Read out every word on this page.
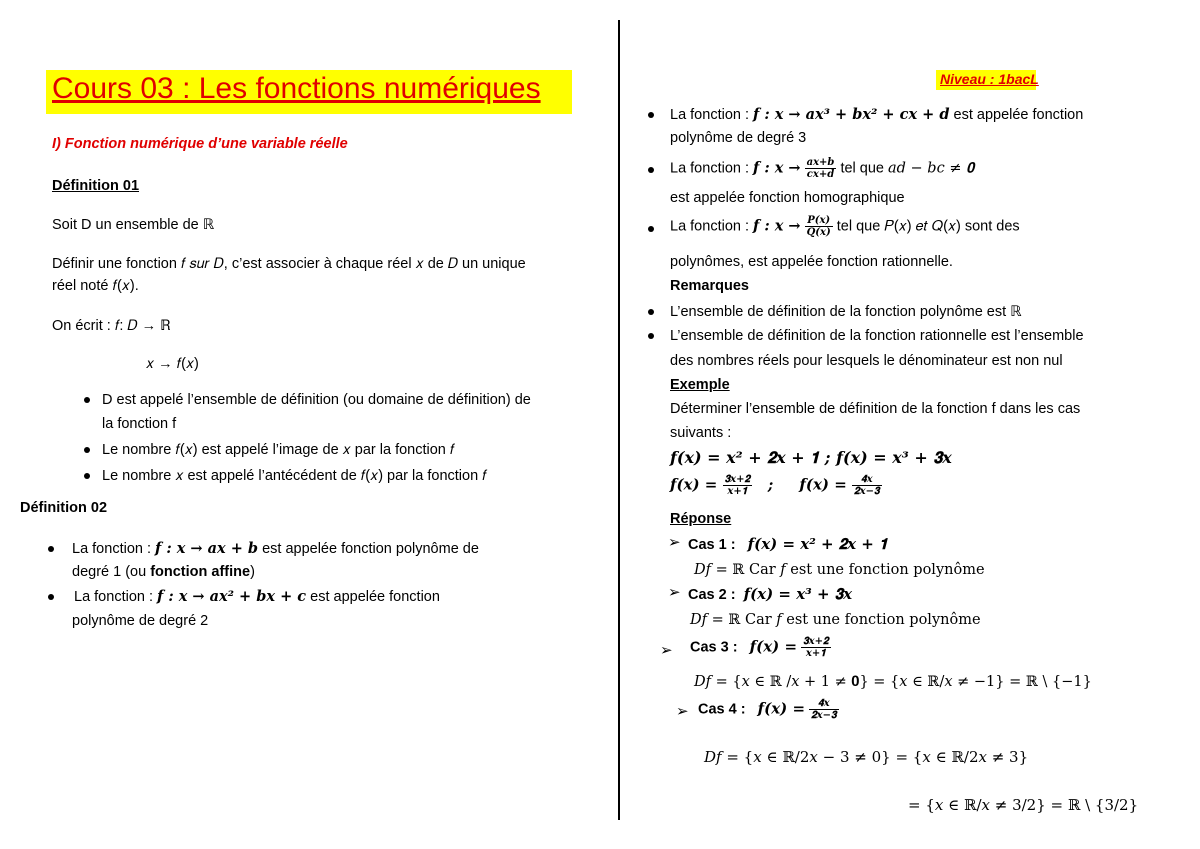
Cours 03 : Les fonctions numériques
I) Fonction numérique d’une variable réelle
Définition 01
Soit D un ensemble de ℝ
Définir une fonction 𝑓 𝑠𝑢𝑟 𝐷, c’est associer à chaque réel 𝑥 de 𝐷 un unique
réel noté 𝑓(𝑥).
On écrit : 𝑓: 𝐷 → ℝ
𝑥 → 𝑓(𝑥)
D est appelé l’ensemble de définition (ou domaine de définition) de
la fonction f
Le nombre 𝑓(𝑥) est appelé l’image de 𝑥 par la fonction 𝑓
Le nombre 𝑥 est appelé l’antécédent de 𝑓(𝑥) par la fonction 𝑓
Définition 02
La fonction : 𝒇 : 𝒙 → 𝒂𝒙 + 𝒃 est appelée fonction polynôme de
degré 1 (ou fonction affine)
La fonction : 𝒇 : 𝒙 → 𝒂𝒙² + 𝒃𝒙 + 𝒄 est appelée fonction
polynôme de degré 2
Niveau : 1bacL
La fonction : 𝒇 : 𝒙 → 𝒂𝒙³ + 𝒃𝒙² + 𝒄𝒙 + 𝒅 est appelée fonction
polynôme de degré 3
La fonction : 𝒇 : 𝒙 → $\frac{\text{𝒂𝒙+𝒃}}{\text{𝒄𝒙+𝒅}}$ tel que 𝑎𝑑 − 𝑏𝑐 ≠ 𝟎
est appelée fonction homographique
La fonction : 𝒇 : 𝒙 → $\frac{\text{𝑷(𝒙)}}{\text{𝑸(𝒙)}}$ tel que 𝑃(𝑥) 𝑒𝑡 𝑄(𝑥) sont des
polynômes, est appelée fonction rationnelle.
Remarques
L’ensemble de définition de la fonction polynôme est ℝ
L’ensemble de définition de la fonction rationnelle est l’ensemble
des nombres réels pour lesquels le dénominateur est non nul
Exemple
Déterminer l’ensemble de définition de la fonction f dans les cas
suivants :
𝒇(𝒙) = 𝒙² + 𝟐𝒙 + 𝟏 ; 𝒇(𝒙) = 𝒙³ + 𝟑𝒙
𝒇(𝒙) = $\frac{\text{𝟑𝒙+𝟐}}{\text{𝒙+𝟏}}$ ;     𝒇(𝒙) = $\frac{\text{𝟒𝒙}}{\text{𝟐𝒙−𝟑}}$
Réponse
➢ Cas 1 : 𝒇(𝒙) = 𝒙² + 𝟐𝒙 + 𝟏
𝐷𝑓 = ℝ Car 𝑓 est une fonction polynôme
➢ Cas 2 : 𝒇(𝒙) = 𝒙³ + 𝟑𝒙
𝐷𝑓 = ℝ Car 𝑓 est une fonction polynôme
➢ Cas 3 : 𝒇(𝒙) = $\frac{\text{𝟑𝒙+𝟐}}{\text{𝒙+𝟏}}$
𝐷𝑓 = {𝑥 ∈ ℝ /𝑥 + 1 ≠ 𝟎} = {𝑥 ∈ ℝ/𝑥 ≠ −1} = ℝ \ {−1}
➢ Cas 4 : 𝒇(𝒙) = $\frac{\text{𝟒𝒙}}{\text{𝟐𝒙−𝟑}}$
𝐷𝑓 = {𝑥 ∈ ℝ/2𝑥 − 3 ≠ 0} = {𝑥 ∈ ℝ/2𝑥 ≠ 3}
= {𝑥 ∈ ℝ/𝑥 ≠ 3/2} = ℝ \ {3/2}
